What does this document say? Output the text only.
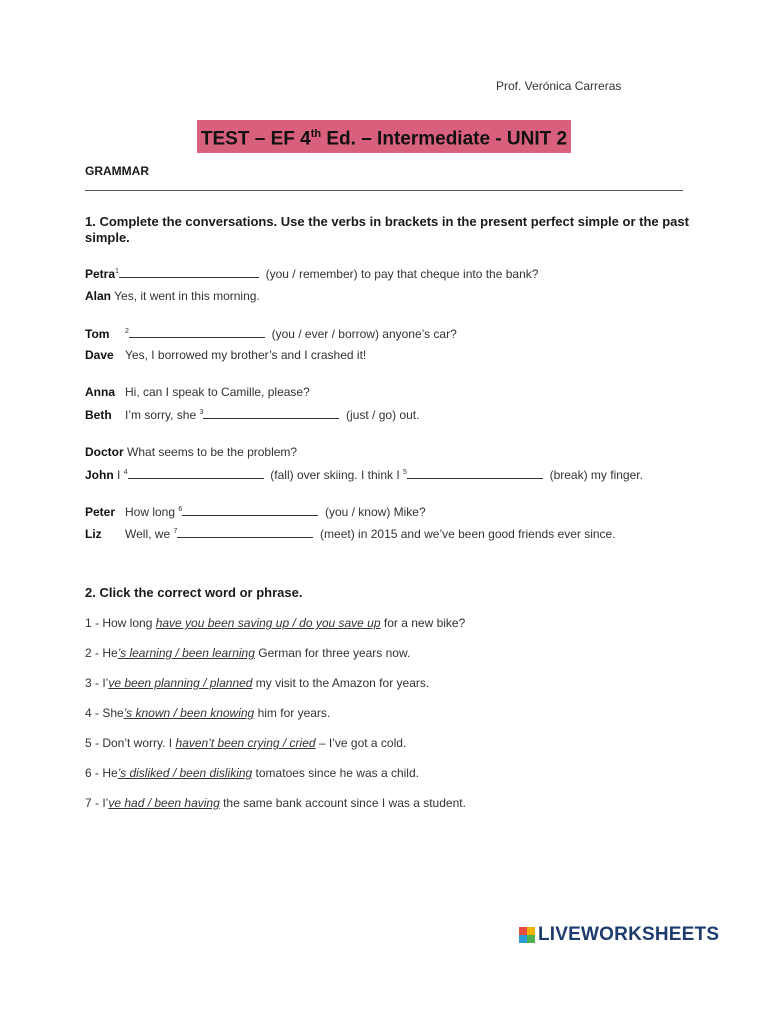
Prof. Verónica Carreras
TEST – EF 4th Ed. – Intermediate - UNIT 2
GRAMMAR
1. Complete the conversations. Use the verbs in brackets in the present perfect simple or the past simple.
Petra$^1$	(you / remember) to pay that cheque into the bank?
Alan Yes, it went in this morning.
Tom $^2$	(you / ever / borrow) anyone’s car?
Dave Yes, I borrowed my brother’s and I crashed it!
Anna Hi, can I speak to Camille, please?
Beth I’m sorry, she $^3$	(just / go) out.
Doctor What seems to be the problem?
John I $^4$	(fall) over skiing. I think I $^5$	(break) my finger.
Peter How long $^6$	(you / know) Mike?
Liz Well, we $^7$	(meet) in 2015 and we’ve been good friends ever since.
2. Click the correct word or phrase.
1 - How long have you been saving up / do you save up for a new bike?
2 - He’s learning / been learning German for three years now.
3 - I’ve been planning / planned my visit to the Amazon for years.
4 - She’s known / been knowing him for years.
5 - Don’t worry. I haven’t been crying / cried – I’ve got a cold.
6 - He’s disliked / been disliking tomatoes since he was a child.
7 - I’ve had / been having the same bank account since I was a student.
LIVEWORKSHEETS
